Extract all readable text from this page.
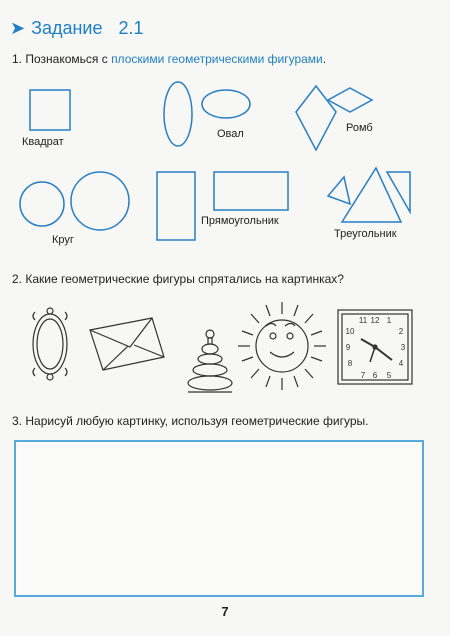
➤ Задание 2.1
1. Познакомься с плоскими геометрическими фигурами.
11 12 1
10	2
9	3
8	4
7 6 5
Квадрат
Овал	Ромб
Круг
Прямоугольник
Треугольник
2. Какие геометрические фигуры спрятались на картинках?
3. Нарисуй любую картинку, используя геометрические фигуры.
7
